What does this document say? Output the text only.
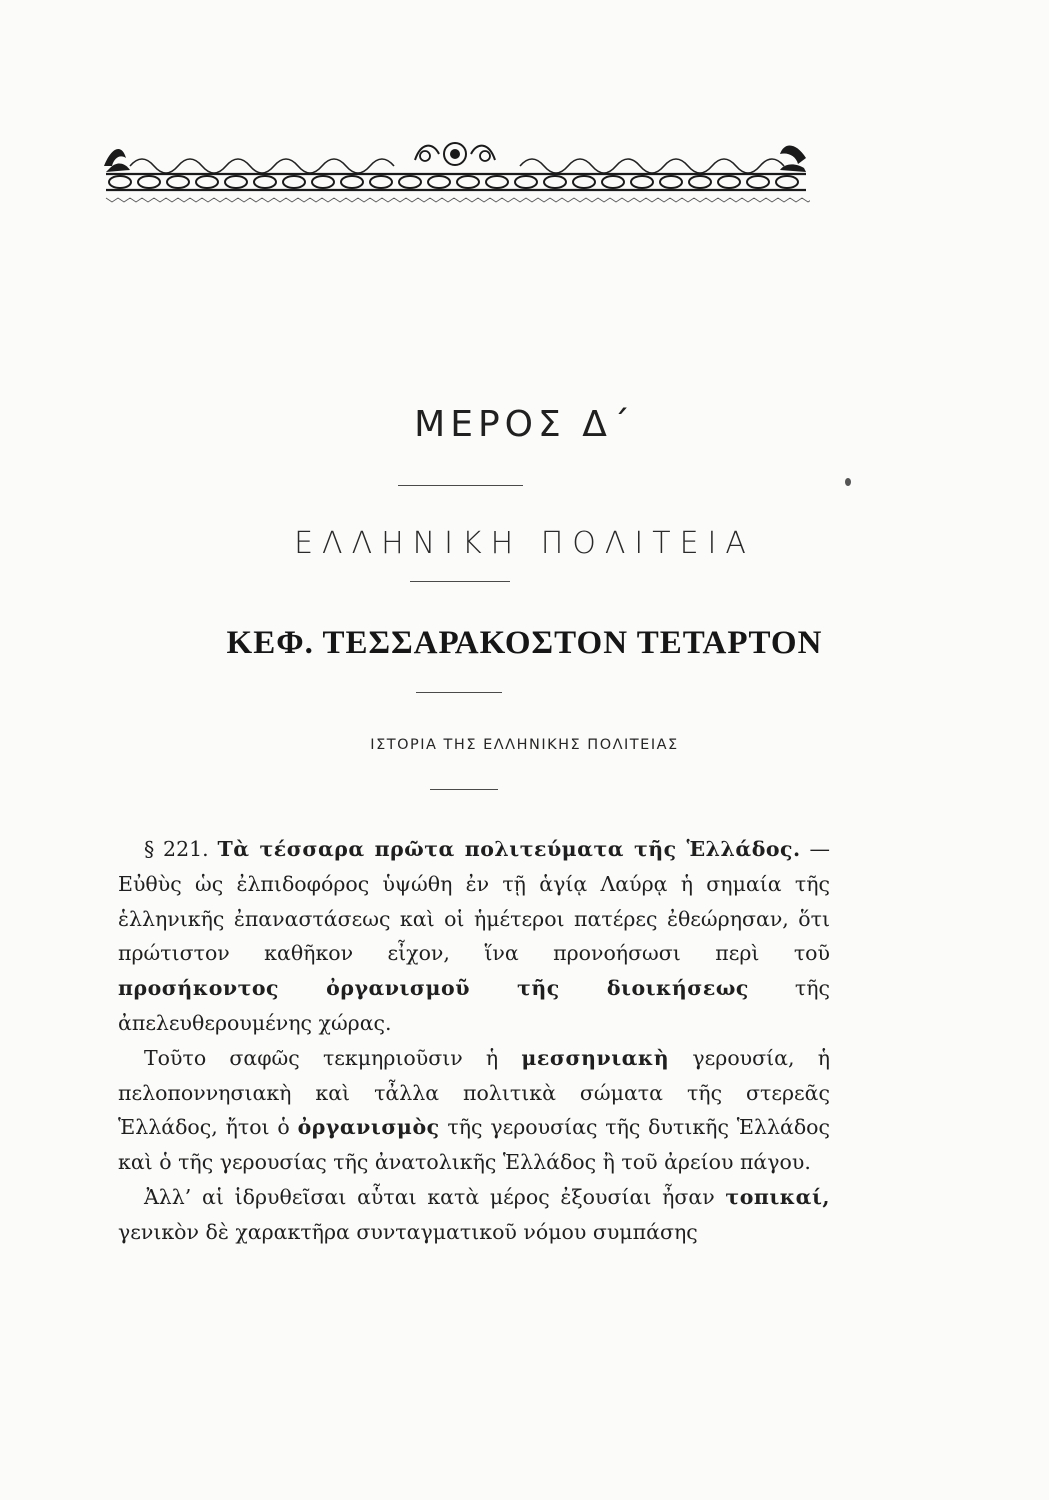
ΜΕΡΟΣ Δ΄
ΕΛΛΗΝΙΚΗ ΠΟΛΙΤΕΙΑ
ΚΕΦ. ΤΕΣΣΑΡΑΚΟΣΤΟΝ ΤΕΤΑΡΤΟΝ
ΙΣΤΟΡΙΑ ΤΗΣ ΕΛΛΗΝΙΚΗΣ ΠΟΛΙΤΕΙΑΣ

§ 221. Τὰ τέσσαρα πρῶτα πολιτεύματα τῆς Ἑλλάδος. — Εὐθὺς ὡς ἐλπιδοφόρος ὑψώθη ἐν τῇ ἁγίᾳ Λαύρᾳ ἡ σημαία τῆς ἑλληνικῆς ἐπαναστάσεως καὶ οἱ ἡμέτεροι πατέρες ἐθεώρησαν, ὅτι πρώτιστον καθῆκον εἶχον, ἵνα προνοήσωσι περὶ τοῦ προσήκοντος ὀργανισμοῦ τῆς διοικήσεως τῆς ἀπελευθερουμένης χώρας.

Τοῦτο σαφῶς τεκμηριοῦσιν ἡ μεσσηνιακὴ γερουσία, ἡ πελοποννησιακὴ καὶ τἆλλα πολιτικὰ σώματα τῆς στερεᾶς Ἑλλάδος, ἤτοι ὁ ὀργανισμὸς τῆς γερουσίας τῆς δυτικῆς Ἑλλάδος καὶ ὁ τῆς γερουσίας τῆς ἀνατολικῆς Ἑλλάδος ἢ τοῦ ἀρείου πάγου.

Ἀλλ’ αἱ ἱδρυθεῖσαι αὗται κατὰ μέρος ἐξουσίαι ἦσαν τοπικαί, γενικὸν δὲ χαρακτῆρα συνταγματικοῦ νόμου συμπάσης
